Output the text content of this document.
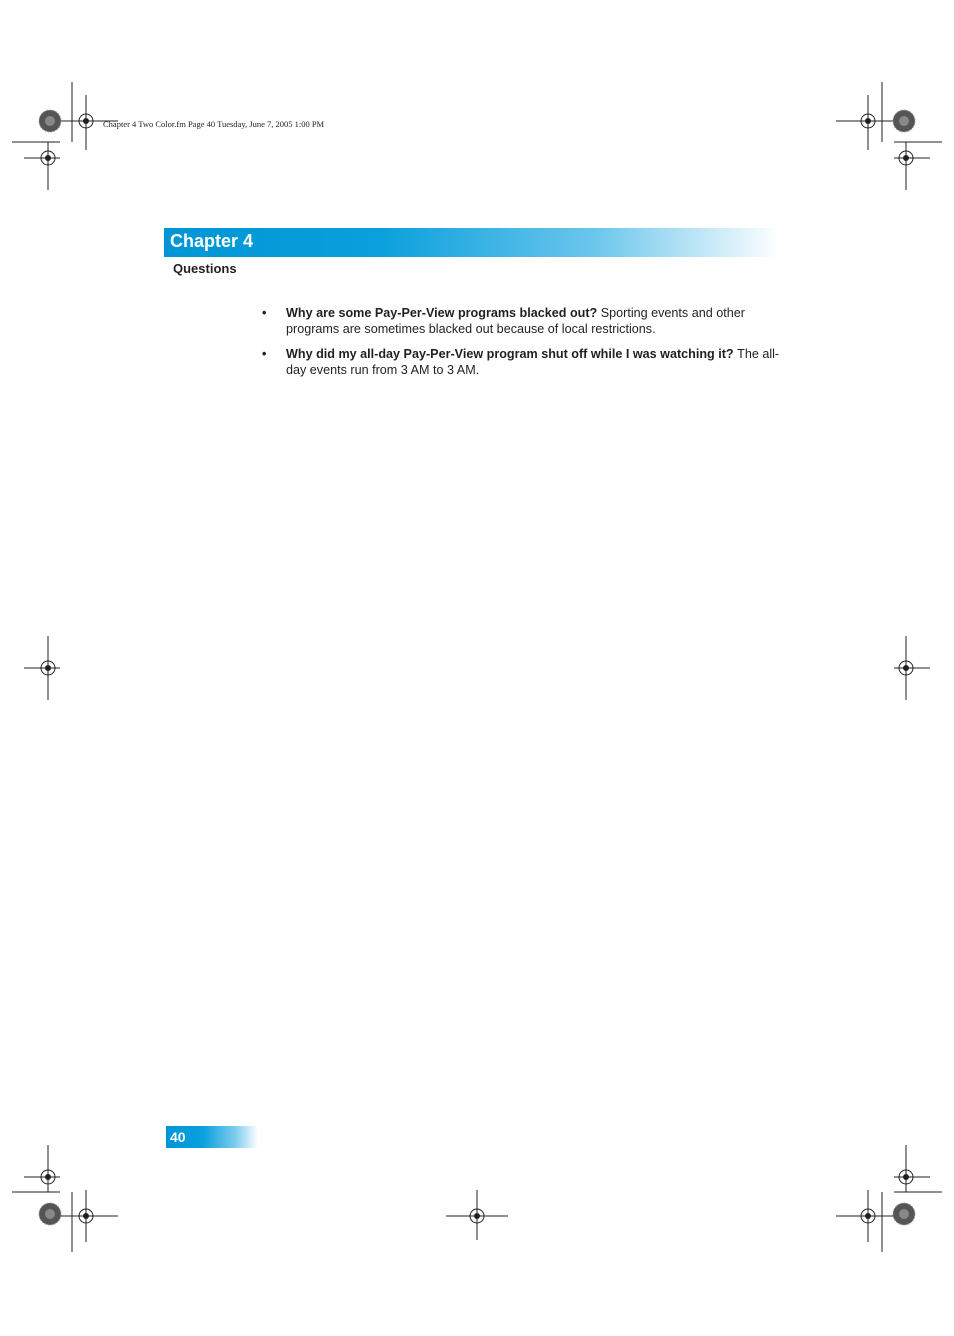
Chapter 4 Two Color.fm Page 40 Tuesday, June 7, 2005 1:00 PM
Chapter 4
Questions
• Why are some Pay-Per-View programs blacked out? Sporting events and other programs are sometimes blacked out because of local restrictions.
• Why did my all-day Pay-Per-View program shut off while I was watching it? The all-day events run from 3 AM to 3 AM.
40
